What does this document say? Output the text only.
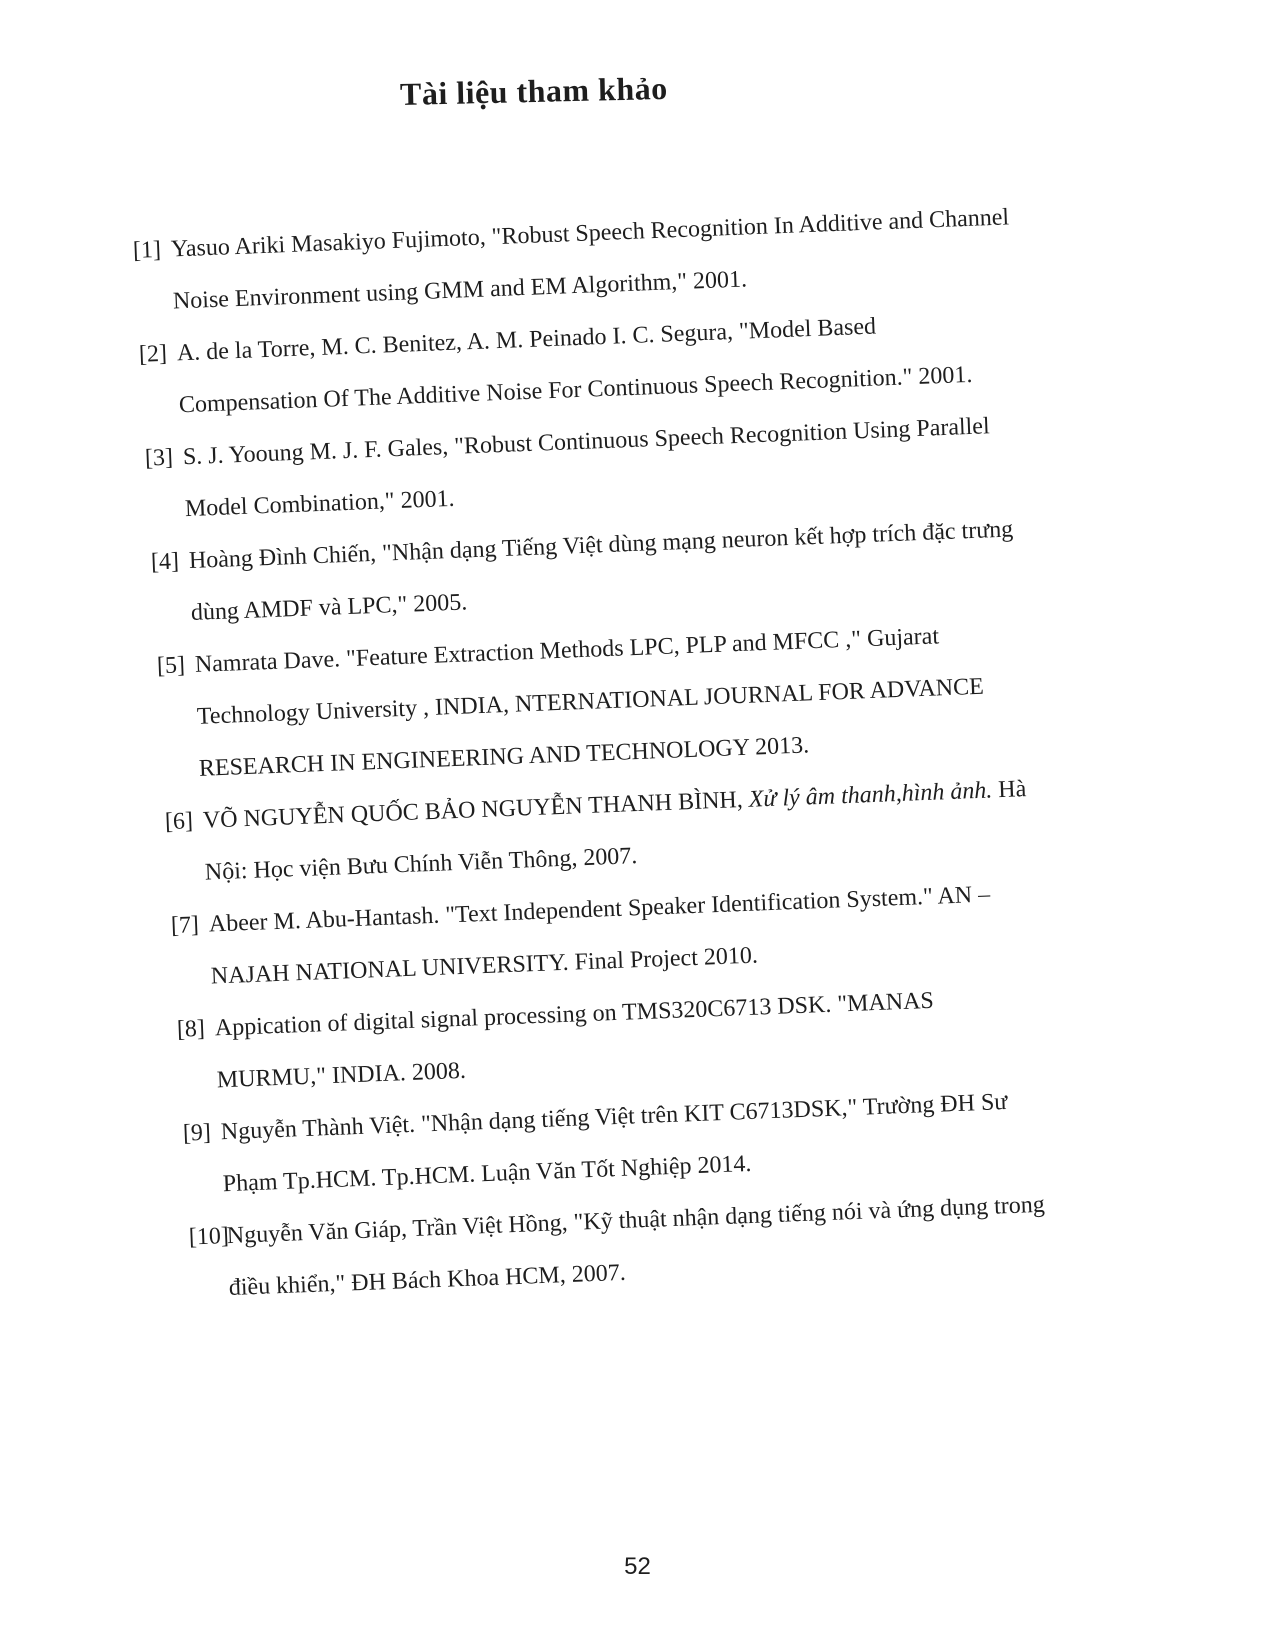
Tài liệu tham khảo
[1] Yasuo Ariki Masakiyo Fujimoto, "Robust Speech Recognition In Additive and Channel Noise Environment using GMM and EM Algorithm," 2001.
[2] A. de la Torre, M. C. Benitez, A. M. Peinado I. C. Segura, "Model Based Compensation Of The Additive Noise For Continuous Speech Recognition." 2001.
[3] S. J. Yooung M. J. F. Gales, "Robust Continuous Speech Recognition Using Parallel Model Combination," 2001.
[4] Hoàng Đình Chiến, "Nhận dạng Tiếng Việt dùng mạng neuron kết hợp trích đặc trưng dùng AMDF và LPC," 2005.
[5] Namrata Dave. "Feature Extraction Methods LPC, PLP and MFCC ," Gujarat Technology University , INDIA, NTERNATIONAL JOURNAL FOR ADVANCE RESEARCH IN ENGINEERING AND TECHNOLOGY 2013.
[6] VÕ NGUYỄN QUỐC BẢO NGUYỄN THANH BÌNH, Xử lý âm thanh,hình ảnh. Hà Nội: Học viện Bưu Chính Viễn Thông, 2007.
[7] Abeer M. Abu-Hantash. "Text Independent Speaker Identification System." AN –NAJAH NATIONAL UNIVERSITY. Final Project 2010.
[8] Appication of digital signal processing on TMS320C6713 DSK. "MANAS MURMU," INDIA. 2008.
[9] Nguyễn Thành Việt. "Nhận dạng tiếng Việt trên KIT C6713DSK," Trường ĐH Sư Phạm Tp.HCM. Tp.HCM. Luận Văn Tốt Nghiệp 2014.
[10]
Nguyễn Văn Giáp, Trần Việt Hồng, "Kỹ thuật nhận dạng tiếng nói và ứng dụng trong điều khiển," ĐH Bách Khoa HCM, 2007.
52
